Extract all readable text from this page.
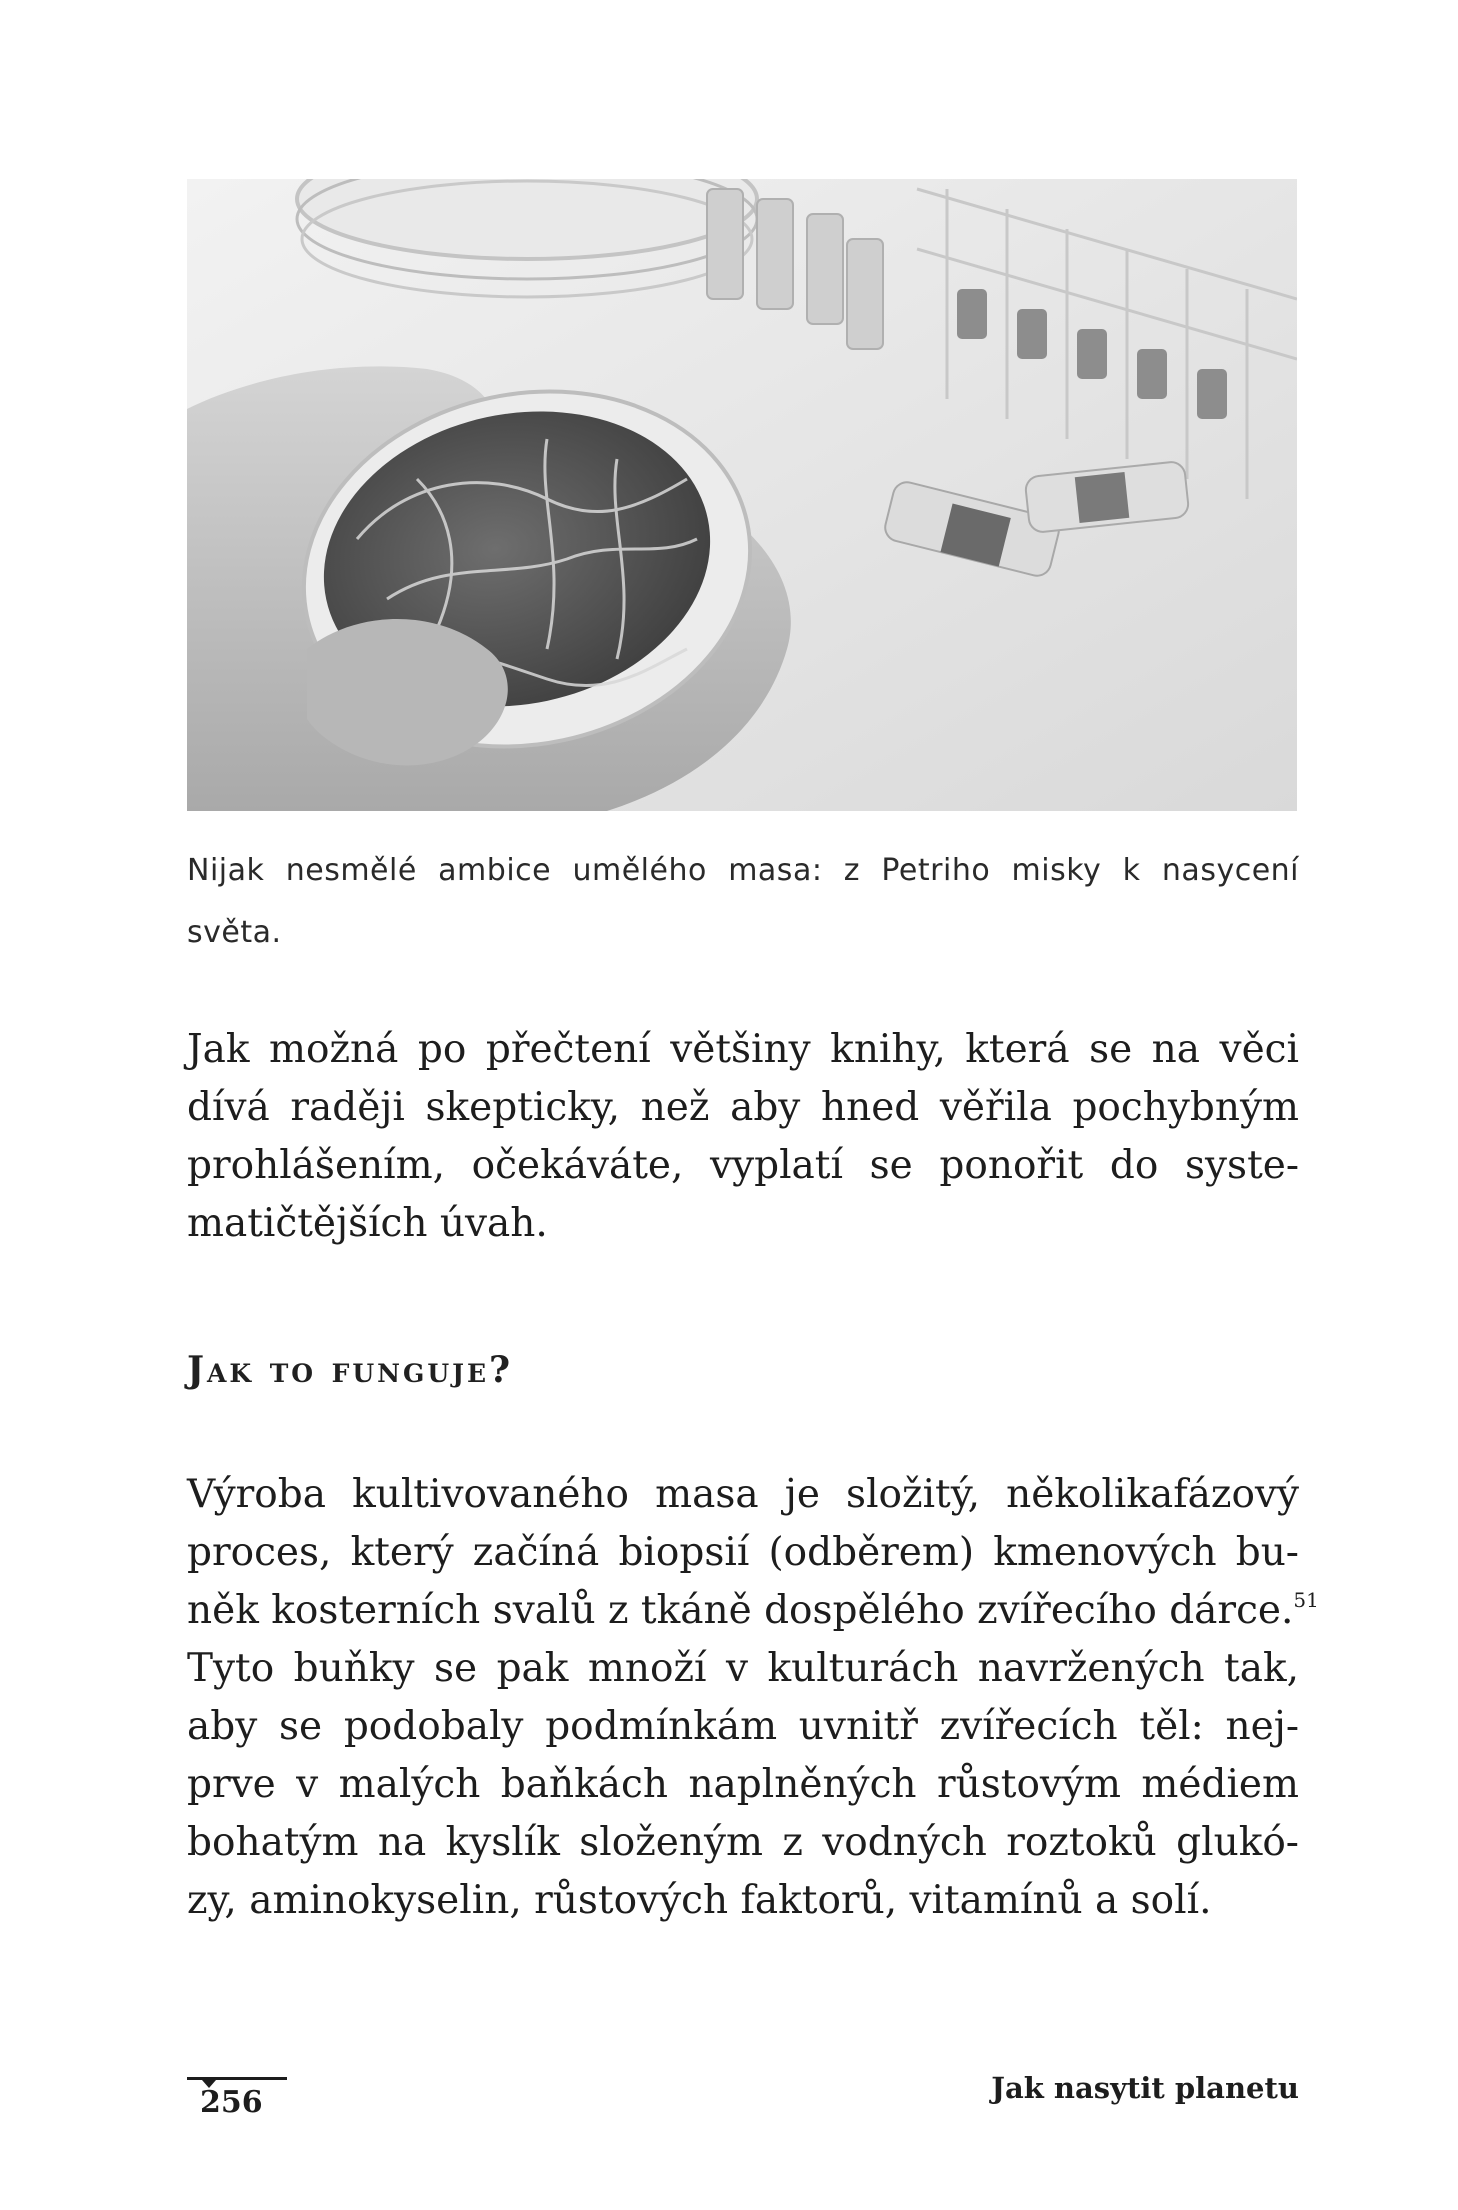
Nijak nesmělé ambice umělého masa: z Petriho misky k nasycení světa.

Jak možná po přečtení většiny knihy, která se na věci
dívá raději skepticky, než aby hned věřila pochybným
prohlášením, očekáváte, vyplatí se ponořit do syste-
matičtějších úvah.

Jak to funguje?

Výroba kultivovaného masa je složitý, několikafázový
proces, který začíná biopsií (odběrem) kmenových bu-
něk kosterních svalů z tkáně dospělého zvířecího dárce.$^{51}$
Tyto buňky se pak množí v kulturách navržených tak,
aby se podobaly podmínkám uvnitř zvířecích těl: nej-
prve v malých baňkách naplněných růstovým médiem
bohatým na kyslík složeným z vodných roztoků glukó-
zy, aminokyselin, růstových faktorů, vitamínů a solí.

256	Jak nasytit planetu
